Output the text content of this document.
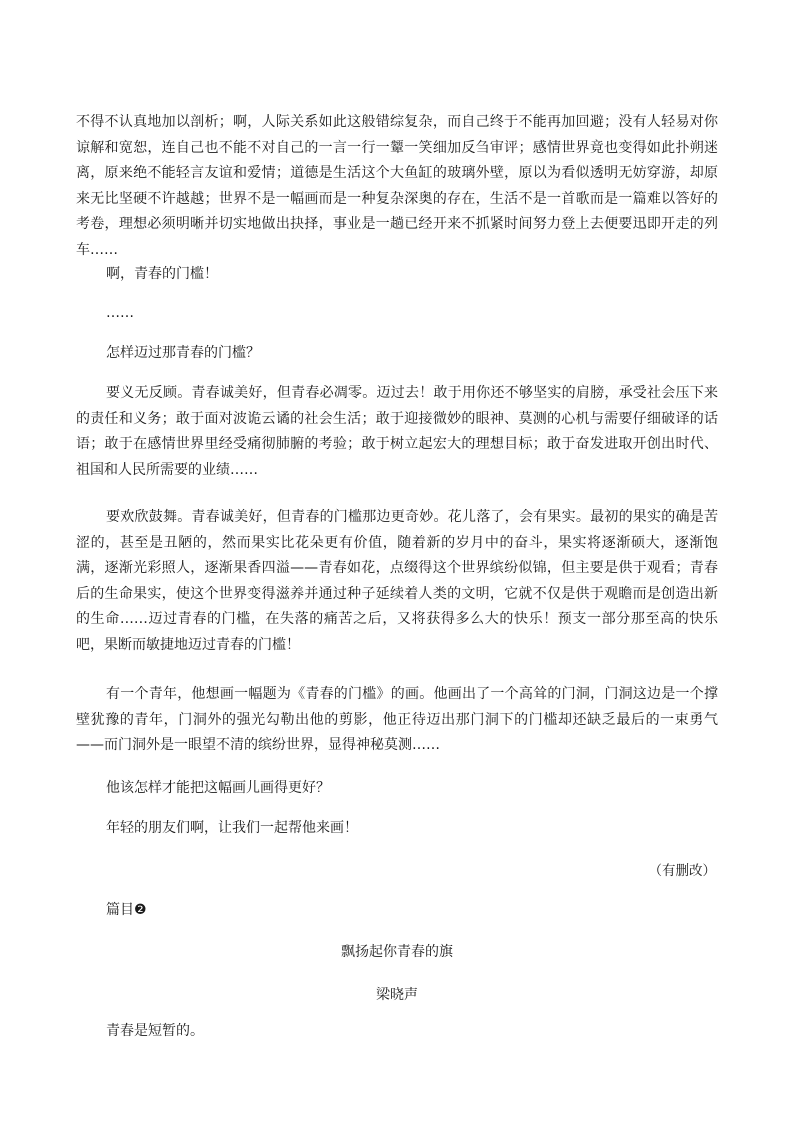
不得不认真地加以剖析；啊，人际关系如此这般错综复杂，而自己终于不能再加回避；没有人轻易对你谅解和宽恕，连自己也不能不对自己的一言一行一颦一笑细加反刍审评；感情世界竟也变得如此扑朔迷离，原来绝不能轻言友谊和爱情；道德是生活这个大鱼缸的玻璃外壁，原以为看似透明无妨穿游，却原来无比坚硬不许越越；世界不是一幅画而是一种复杂深奥的存在，生活不是一首歌而是一篇难以答好的考卷，理想必须明晰并切实地做出抉择，事业是一趟已经开来不抓紧时间努力登上去便要迅即开走的列车……

啊，青春的门槛！

……

怎样迈过那青春的门槛？

要义无反顾。青春诚美好，但青春必凋零。迈过去！敢于用你还不够坚实的肩膀，承受社会压下来的责任和义务；敢于面对波诡云谲的社会生活；敢于迎接微妙的眼神、莫测的心机与需要仔细破译的话语；敢于在感情世界里经受痛彻肺腑的考验；敢于树立起宏大的理想目标；敢于奋发进取开创出时代、祖国和人民所需要的业绩……

要欢欣鼓舞。青春诚美好，但青春的门槛那边更奇妙。花儿落了，会有果实。最初的果实的确是苦涩的，甚至是丑陋的，然而果实比花朵更有价值，随着新的岁月中的奋斗，果实将逐渐硕大，逐渐饱满，逐渐光彩照人，逐渐果香四溢——青春如花，点缀得这个世界缤纷似锦，但主要是供于观看；青春后的生命果实，使这个世界变得滋养并通过种子延续着人类的文明，它就不仅是供于观瞻而是创造出新的生命……迈过青春的门槛，在失落的痛苦之后，又将获得多么大的快乐！预支一部分那至高的快乐吧，果断而敏捷地迈过青春的门槛！

有一个青年，他想画一幅题为《青春的门槛》的画。他画出了一个高耸的门洞，门洞这边是一个撑壁犹豫的青年，门洞外的强光勾勒出他的剪影，他正待迈出那门洞下的门槛却还缺乏最后的一束勇气——而门洞外是一眼望不清的缤纷世界，显得神秘莫测……

他该怎样才能把这幅画儿画得更好？

年轻的朋友们啊，让我们一起帮他来画！

（有删改）

篇目❷

飘扬起你青春的旗

梁晓声

青春是短暂的。
